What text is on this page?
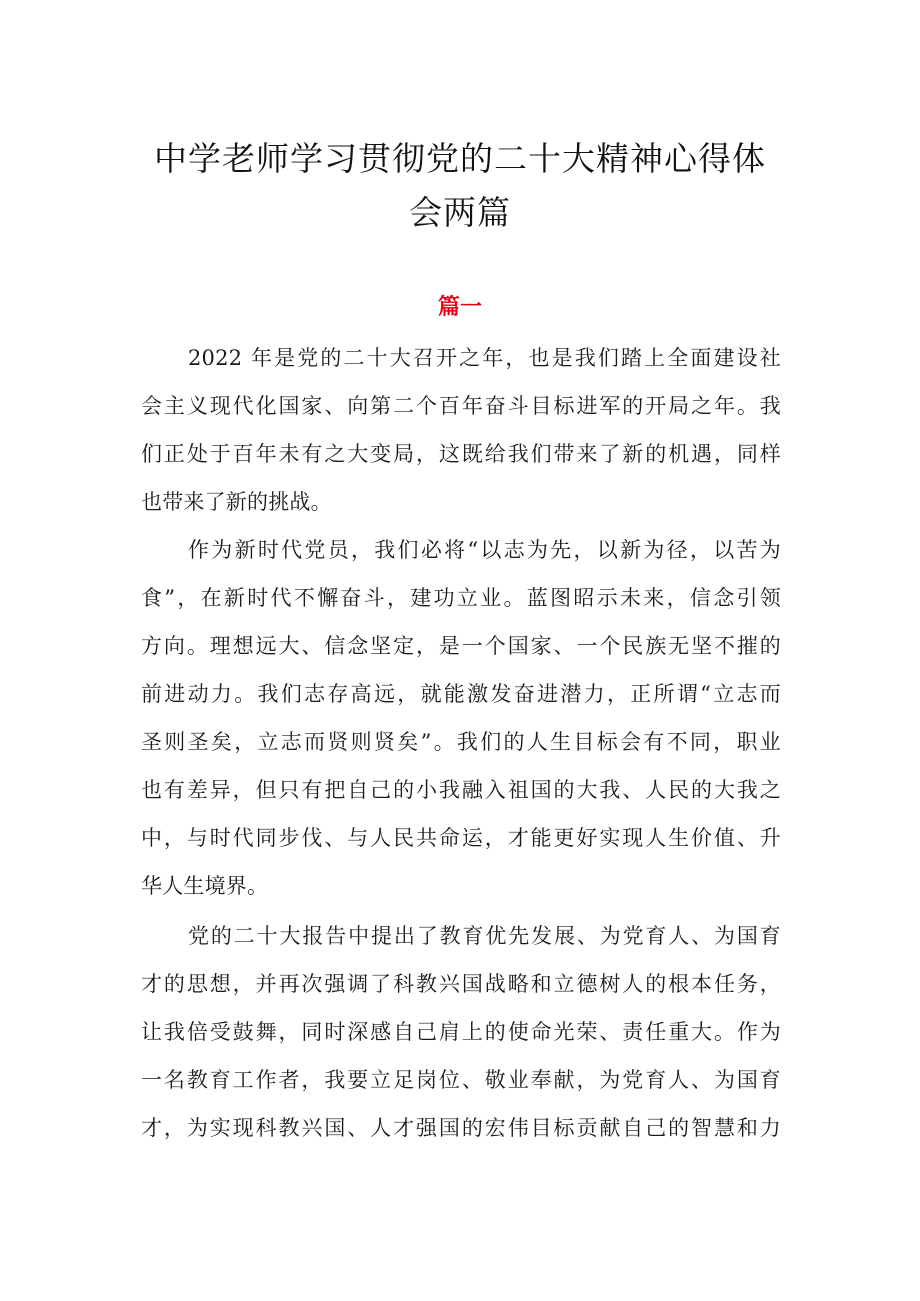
中学老师学习贯彻党的二十大精神心得体
会两篇
篇一
2022 年是党的二十大召开之年，也是我们踏上全面建设社
会主义现代化国家、向第二个百年奋斗目标进军的开局之年。我
们正处于百年未有之大变局，这既给我们带来了新的机遇，同样
也带来了新的挑战。
作为新时代党员，我们必将“以志为先，以新为径，以苦为
食”，在新时代不懈奋斗，建功立业。蓝图昭示未来，信念引领
方向。理想远大、信念坚定，是一个国家、一个民族无坚不摧的
前进动力。我们志存高远，就能激发奋进潜力，正所谓“立志而
圣则圣矣，立志而贤则贤矣”。我们的人生目标会有不同，职业
也有差异，但只有把自己的小我融入祖国的大我、人民的大我之
中，与时代同步伐、与人民共命运，才能更好实现人生价值、升
华人生境界。
党的二十大报告中提出了教育优先发展、为党育人、为国育
才的思想，并再次强调了科教兴国战略和立德树人的根本任务，
让我倍受鼓舞，同时深感自己肩上的使命光荣、责任重大。作为
一名教育工作者，我要立足岗位、敬业奉献，为党育人、为国育
才，为实现科教兴国、人才强国的宏伟目标贡献自己的智慧和力
